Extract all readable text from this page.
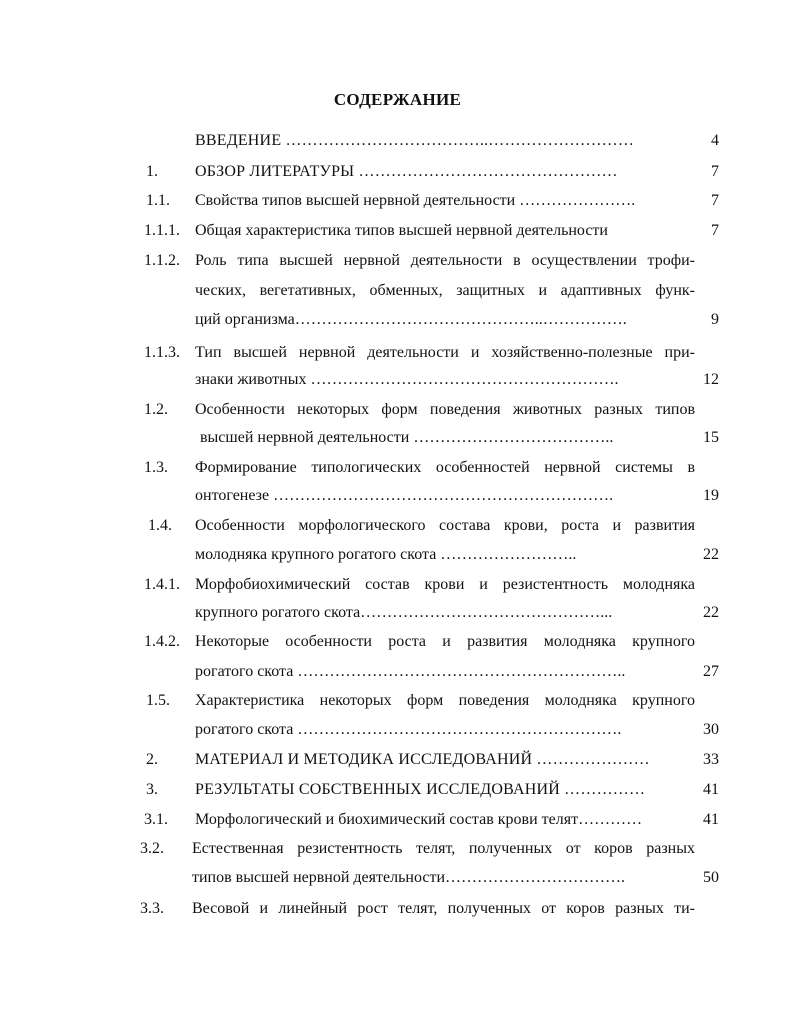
СОДЕРЖАНИЕ
ВВЕДЕНИЕ ………………………………..………………………	4
1. ОБЗОР ЛИТЕРАТУРЫ …………………………………………	7
1.1. Свойства типов высшей нервной деятельности ………………….	7
1.1.1. Общая характеристика типов высшей нервной деятельности	7
1.1.2. Роль типа высшей нервной деятельности в осуществлении трофи-
ческих, вегетативных, обменных, защитных и адаптивных функ-
ций организма………………………………………..…………….	9
1.1.3. Тип высшей нервной деятельности и хозяйственно-полезные при-
знаки животных ………………………………………………….	12
1.2. Особенности некоторых форм поведения животных разных типов
высшей нервной деятельности ………………………………..	15
1.3. Формирование типологических особенностей нервной системы в
онтогенезе ……………………………………………………….	19
1.4. Особенности морфологического состава крови, роста и развития
молодняка крупного рогатого скота ……………………..	22
1.4.1. Морфобиохимический состав крови и резистентность молодняка
крупного рогатого скота………………………………………...	22
1.4.2. Некоторые особенности роста и развития молодняка крупного
рогатого скота ……………………………………………………..	27
1.5. Характеристика некоторых форм поведения молодняка крупного
рогатого скота …………………………………………………….	30
2. МАТЕРИАЛ И МЕТОДИКА ИССЛЕДОВАНИЙ …………………	33
3. РЕЗУЛЬТАТЫ СОБСТВЕННЫХ ИССЛЕДОВАНИЙ ……………	41
3.1. Морфологический и биохимический состав крови телят…………	41
3.2. Естественная резистентность телят, полученных от коров разных
типов высшей нервной деятельности…………………………….	50
3.3. Весовой и линейный рост телят, полученных от коров разных ти-
